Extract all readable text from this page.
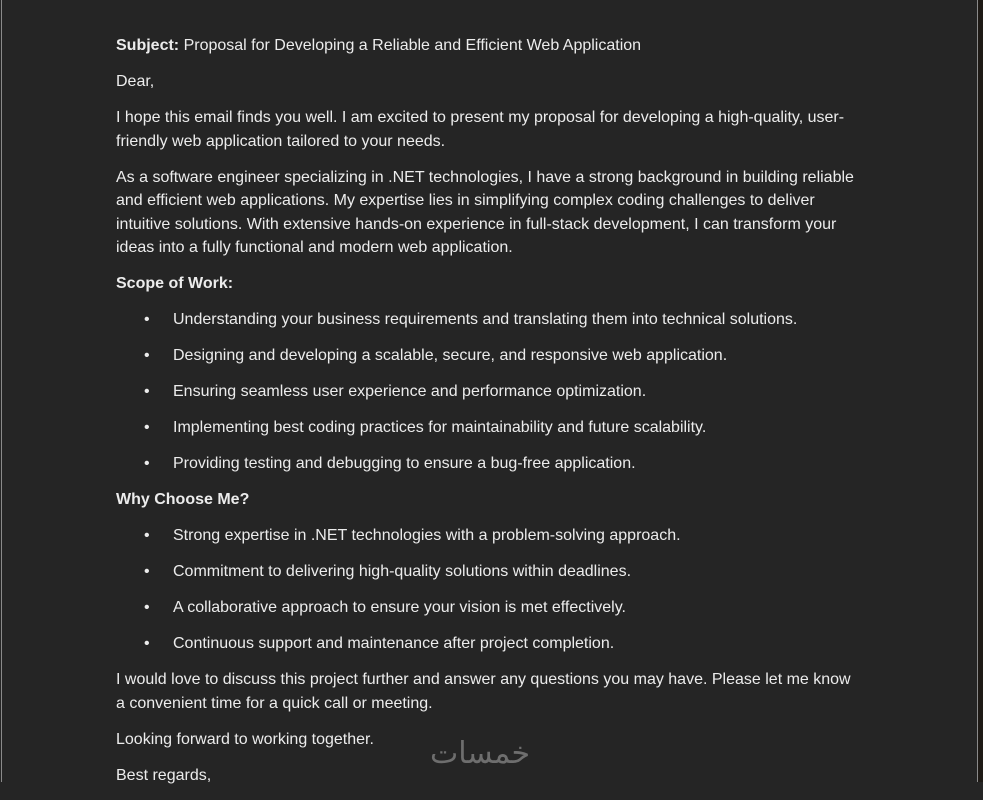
Subject: Proposal for Developing a Reliable and Efficient Web Application

Dear,

I hope this email finds you well. I am excited to present my proposal for developing a high-quality, user-friendly web application tailored to your needs.

As a software engineer specializing in .NET technologies, I have a strong background in building reliable and efficient web applications. My expertise lies in simplifying complex coding challenges to deliver intuitive solutions. With extensive hands-on experience in full-stack development, I can transform your ideas into a fully functional and modern web application.

Scope of Work:
• Understanding your business requirements and translating them into technical solutions.
• Designing and developing a scalable, secure, and responsive web application.
• Ensuring seamless user experience and performance optimization.
• Implementing best coding practices for maintainability and future scalability.
• Providing testing and debugging to ensure a bug-free application.
Why Choose Me?
• Strong expertise in .NET technologies with a problem-solving approach.
• Commitment to delivering high-quality solutions within deadlines.
• A collaborative approach to ensure your vision is met effectively.
• Continuous support and maintenance after project completion.

I would love to discuss this project further and answer any questions you may have. Please let me know a convenient time for a quick call or meeting.

Looking forward to working together.

Best regards,

خمسات
